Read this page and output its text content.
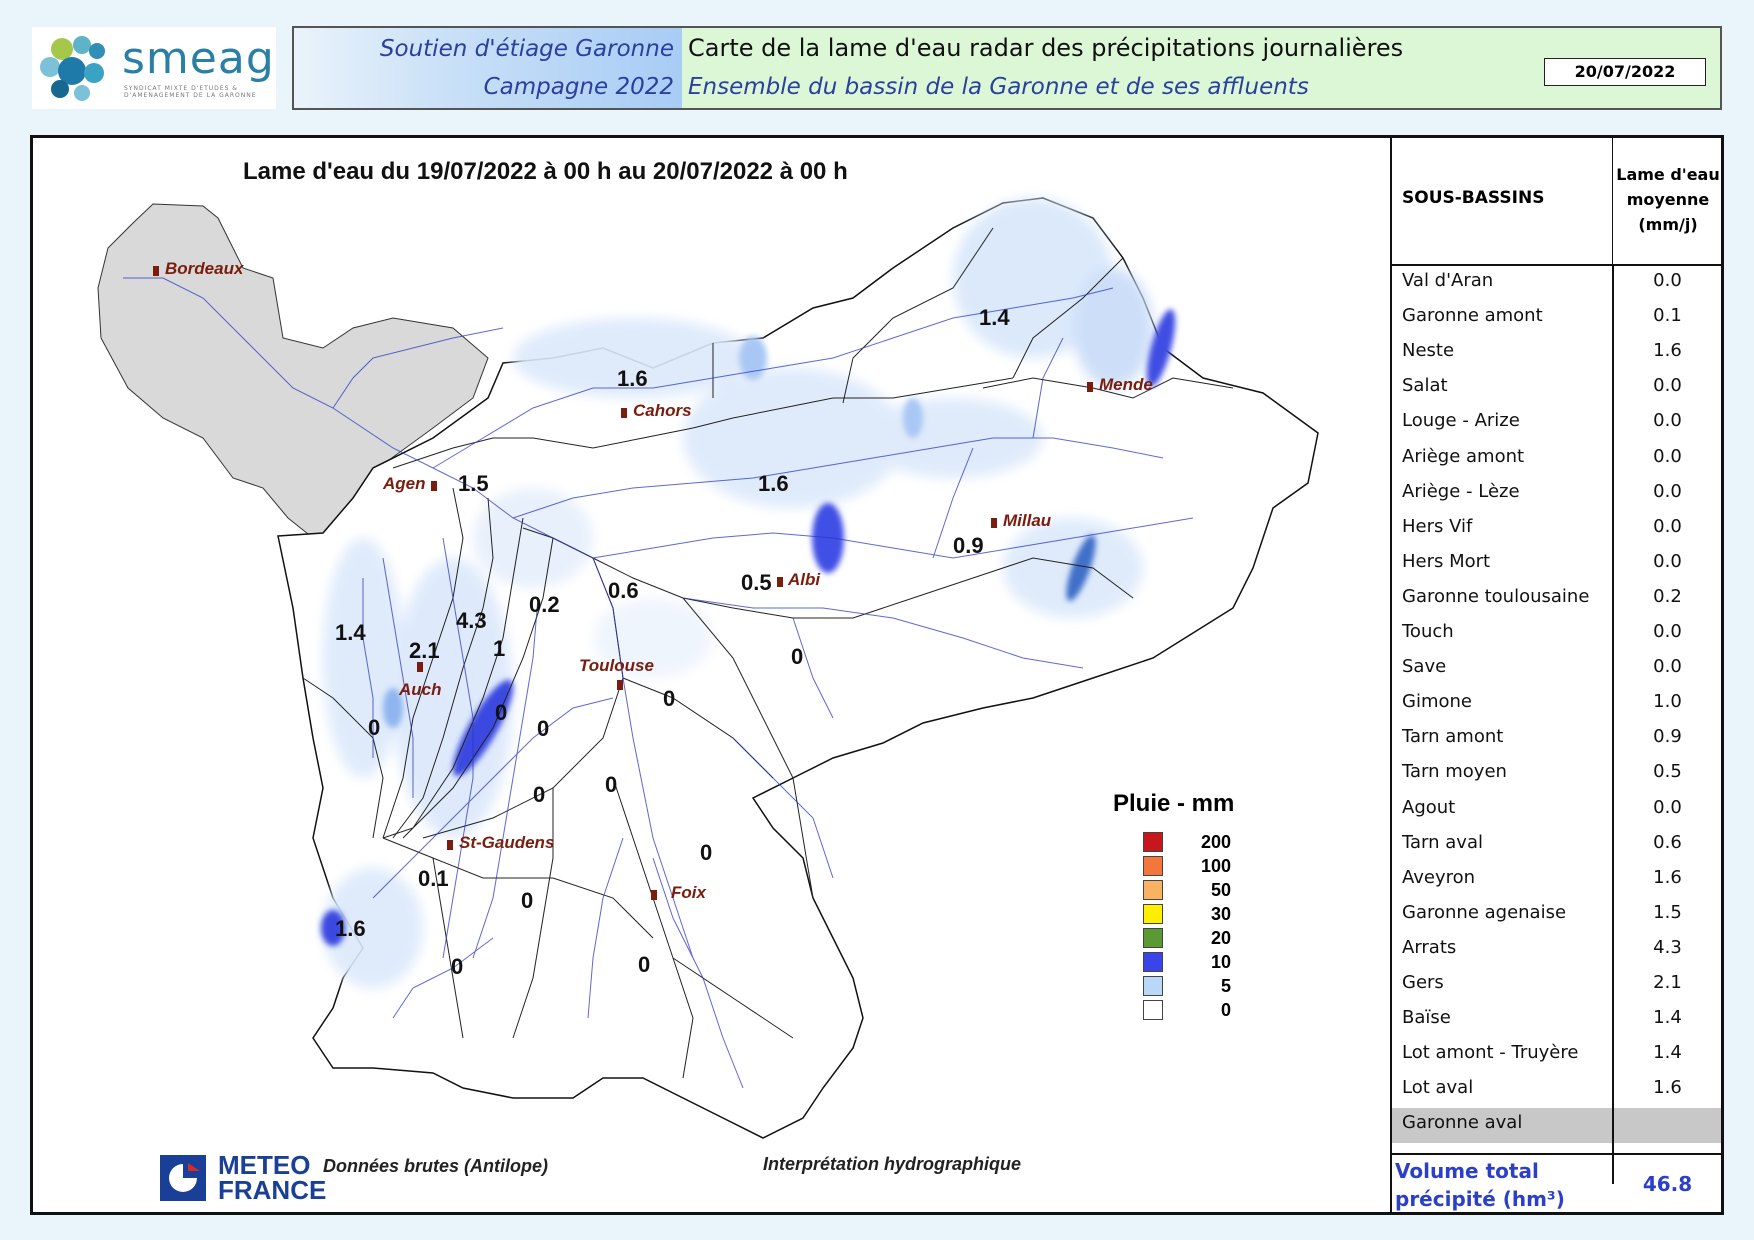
smeag
SYNDICAT MIXTE D'ETUDES & D'AMENAGEMENT DE LA GARONNE
Soutien d'étiage Garonne
Campagne 2022
Carte de la lame d'eau radar des précipitations journalières
Ensemble du bassin de la Garonne et de ses affluents
20/07/2022
Lame d'eau du 19/07/2022 à 00 h au 20/07/2022 à 00 h
Bordeaux
Cahors
Mende
Agen
Millau
Albi
Toulouse
Auch
St-Gaudens
Foix
1.6
1.4
1.5	1.6
0.9
0.5
0.6
0.2
4.3
2.1
1.4
1	0
0
0
0
0
0
0
0.1
0
0
0
0
1.6
Pluie - mm
200
100
50
30
20
10
5
0
METEO
FRANCE
Données brutes (Antilope)	Interprétation hydrographique
SOUS-BASSINS
Lame d'eau
moyenne
(mm/j)
Val d'Aran	0.0
Garonne amont	0.1
Neste	1.6
Salat	0.0
Louge - Arize	0.0
Ariège amont	0.0
Ariège - Lèze	0.0
Hers Vif	0.0
Hers Mort	0.0
Garonne toulousaine	0.2
Touch	0.0
Save	0.0
Gimone	1.0
Tarn amont	0.9
Tarn moyen	0.5
Agout	0.0
Tarn aval	0.6
Aveyron	1.6
Garonne agenaise	1.5
Arrats	4.3
Gers	2.1
Baïse	1.4
Lot amont - Truyère	1.4
Lot aval	1.6
Garonne aval
Volume total
précipité (hm³)
46.8
